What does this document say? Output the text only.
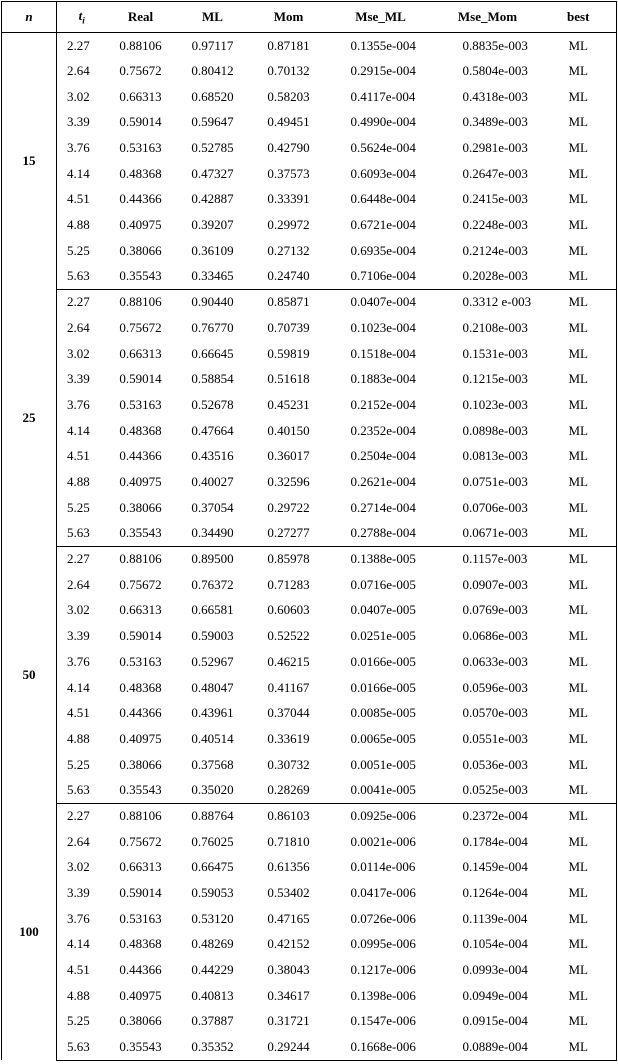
n	$t_i$	Real	ML	Mom	Mse_ML	Mse_Mom	best
15	2.27	0.88106	0.97117	0.87181	0.1355e-004	0.8835e-003	ML
	2.64	0.75672	0.80412	0.70132	0.2915e-004	0.5804e-003	ML
	3.02	0.66313	0.68520	0.58203	0.4117e-004	0.4318e-003	ML
	3.39	0.59014	0.59647	0.49451	0.4990e-004	0.3489e-003	ML
	3.76	0.53163	0.52785	0.42790	0.5624e-004	0.2981e-003	ML
	4.14	0.48368	0.47327	0.37573	0.6093e-004	0.2647e-003	ML
	4.51	0.44366	0.42887	0.33391	0.6448e-004	0.2415e-003	ML
	4.88	0.40975	0.39207	0.29972	0.6721e-004	0.2248e-003	ML
	5.25	0.38066	0.36109	0.27132	0.6935e-004	0.2124e-003	ML
	5.63	0.35543	0.33465	0.24740	0.7106e-004	0.2028e-003	ML
25	2.27	0.88106	0.90440	0.85871	0.0407e-004	0.3312 e-003	ML
	2.64	0.75672	0.76770	0.70739	0.1023e-004	0.2108e-003	ML
	3.02	0.66313	0.66645	0.59819	0.1518e-004	0.1531e-003	ML
	3.39	0.59014	0.58854	0.51618	0.1883e-004	0.1215e-003	ML
	3.76	0.53163	0.52678	0.45231	0.2152e-004	0.1023e-003	ML
	4.14	0.48368	0.47664	0.40150	0.2352e-004	0.0898e-003	ML
	4.51	0.44366	0.43516	0.36017	0.2504e-004	0.0813e-003	ML
	4.88	0.40975	0.40027	0.32596	0.2621e-004	0.0751e-003	ML
	5.25	0.38066	0.37054	0.29722	0.2714e-004	0.0706e-003	ML
	5.63	0.35543	0.34490	0.27277	0.2788e-004	0.0671e-003	ML
50	2.27	0.88106	0.89500	0.85978	0.1388e-005	0.1157e-003	ML
	2.64	0.75672	0.76372	0.71283	0.0716e-005	0.0907e-003	ML
	3.02	0.66313	0.66581	0.60603	0.0407e-005	0.0769e-003	ML
	3.39	0.59014	0.59003	0.52522	0.0251e-005	0.0686e-003	ML
	3.76	0.53163	0.52967	0.46215	0.0166e-005	0.0633e-003	ML
	4.14	0.48368	0.48047	0.41167	0.0166e-005	0.0596e-003	ML
	4.51	0.44366	0.43961	0.37044	0.0085e-005	0.0570e-003	ML
	4.88	0.40975	0.40514	0.33619	0.0065e-005	0.0551e-003	ML
	5.25	0.38066	0.37568	0.30732	0.0051e-005	0.0536e-003	ML
	5.63	0.35543	0.35020	0.28269	0.0041e-005	0.0525e-003	ML
100	2.27	0.88106	0.88764	0.86103	0.0925e-006	0.2372e-004	ML
	2.64	0.75672	0.76025	0.71810	0.0021e-006	0.1784e-004	ML
	3.02	0.66313	0.66475	0.61356	0.0114e-006	0.1459e-004	ML
	3.39	0.59014	0.59053	0.53402	0.0417e-006	0.1264e-004	ML
	3.76	0.53163	0.53120	0.47165	0.0726e-006	0.1139e-004	ML
	4.14	0.48368	0.48269	0.42152	0.0995e-006	0.1054e-004	ML
	4.51	0.44366	0.44229	0.38043	0.1217e-006	0.0993e-004	ML
	4.88	0.40975	0.40813	0.34617	0.1398e-006	0.0949e-004	ML
	5.25	0.38066	0.37887	0.31721	0.1547e-006	0.0915e-004	ML
	5.63	0.35543	0.35352	0.29244	0.1668e-006	0.0889e-004	ML
